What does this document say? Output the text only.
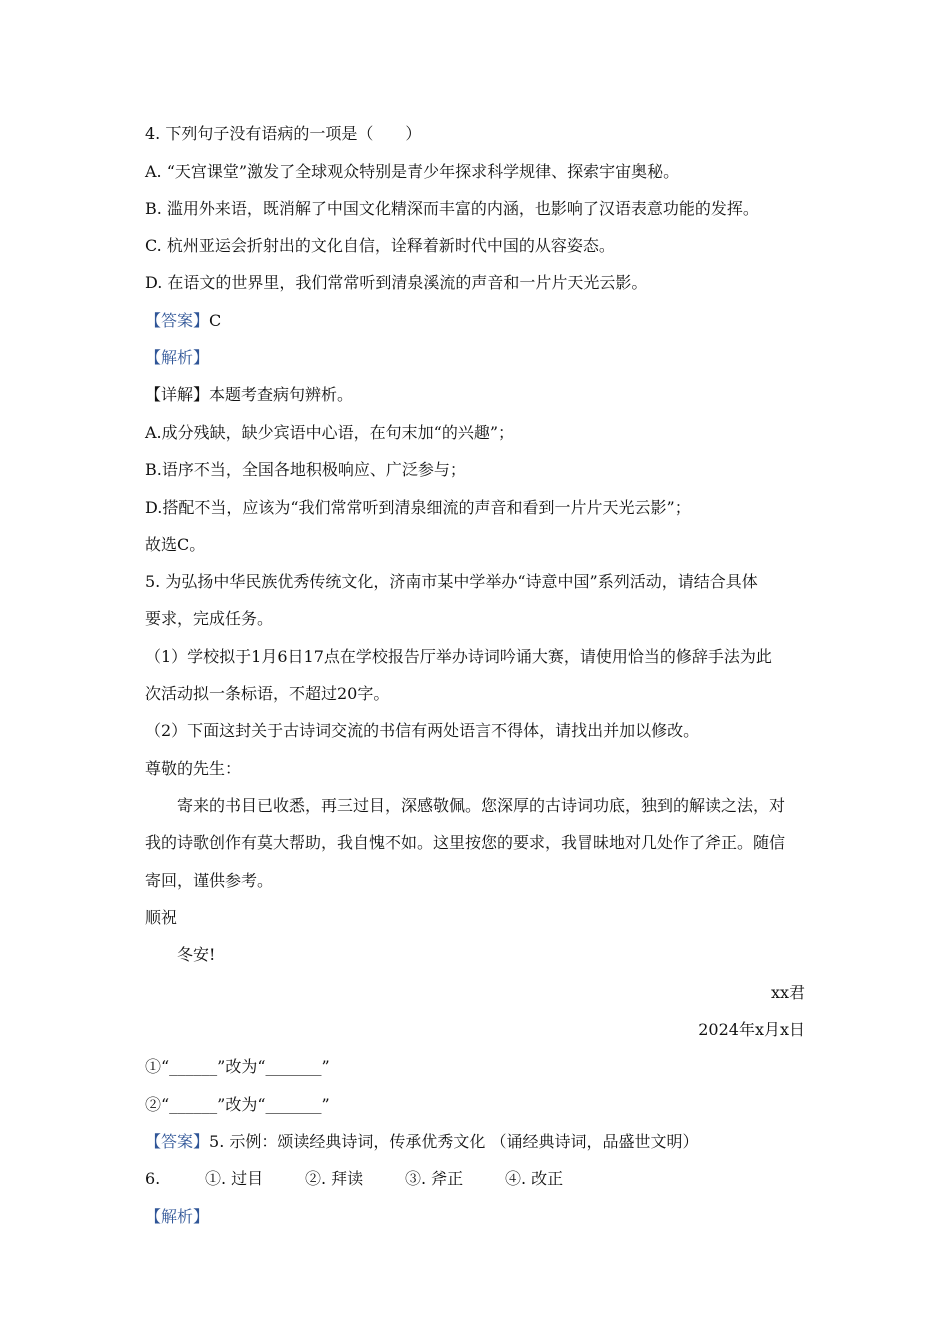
4. 下列句子没有语病的一项是（　　）
A. “天宫课堂”激发了全球观众特别是青少年探求科学规律、探索宇宙奥秘。
B. 滥用外来语，既消解了中国文化精深而丰富的内涵，也影响了汉语表意功能的发挥。
C. 杭州亚运会折射出的文化自信，诠释着新时代中国的从容姿态。
D. 在语文的世界里，我们常常听到清泉溪流的声音和一片片天光云影。
【答案】C
【解析】
【详解】本题考查病句辨析。
A.成分残缺，缺少宾语中心语，在句末加“的兴趣”；
B.语序不当，全国各地积极响应、广泛参与；
D.搭配不当，应该为“我们常常听到清泉细流的声音和看到一片片天光云影”；
故选C。
5. 为弘扬中华民族优秀传统文化，济南市某中学举办“诗意中国”系列活动，请结合具体
要求，完成任务。
（1）学校拟于1月6日17点在学校报告厅举办诗词吟诵大赛，请使用恰当的修辞手法为此
次活动拟一条标语，不超过20字。
（2）下面这封关于古诗词交流的书信有两处语言不得体，请找出并加以修改。
尊敬的先生：
寄来的书目已收悉，再三过目，深感敬佩。您深厚的古诗词功底，独到的解读之法，对
我的诗歌创作有莫大帮助，我自愧不如。这里按您的要求，我冒昧地对几处作了斧正。随信
寄回，谨供参考。
顺祝
冬安!
xx君
2024年x月x日
①“______”改为“_______”
②“______”改为“_______”
【答案】5. 示例：颂读经典诗词，传承优秀文化 （诵经典诗词，品盛世文明）
6.	①. 过目	②. 拜读	③. 斧正	④. 改正
【解析】
